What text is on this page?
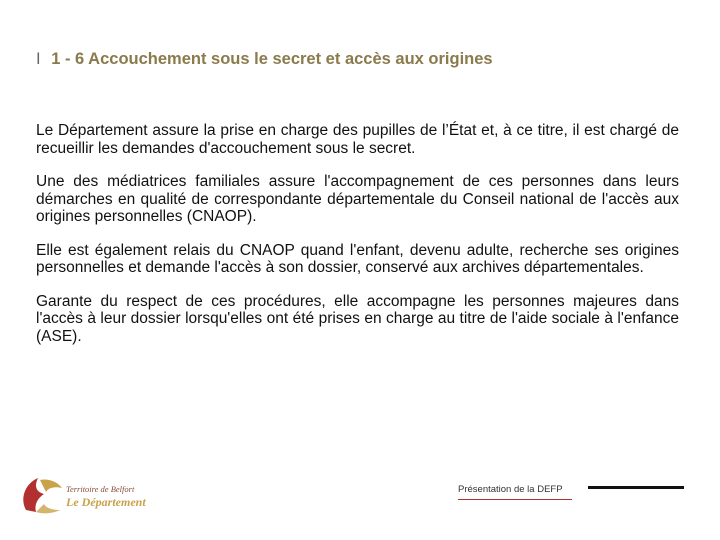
I 1 - 6 Accouchement sous le secret et accès aux origines

Le Département assure la prise en charge des pupilles de l’État et, à ce titre, il est chargé de recueillir les demandes d'accouchement sous le secret.

Une des médiatrices familiales assure l'accompagnement de ces personnes dans leurs démarches en qualité de correspondante départementale du Conseil national de l'accès aux origines personnelles (CNAOP).

Elle est également relais du CNAOP quand l'enfant, devenu adulte, recherche ses origines personnelles et demande l'accès à son dossier, conservé aux archives départementales.

Garante du respect de ces procédures, elle accompagne les personnes majeures dans l'accès à leur dossier lorsqu'elles ont été prises en charge au titre de l'aide sociale à l'enfance (ASE).

Territoire de Belfort
Le Département
Présentation de la DEFP
